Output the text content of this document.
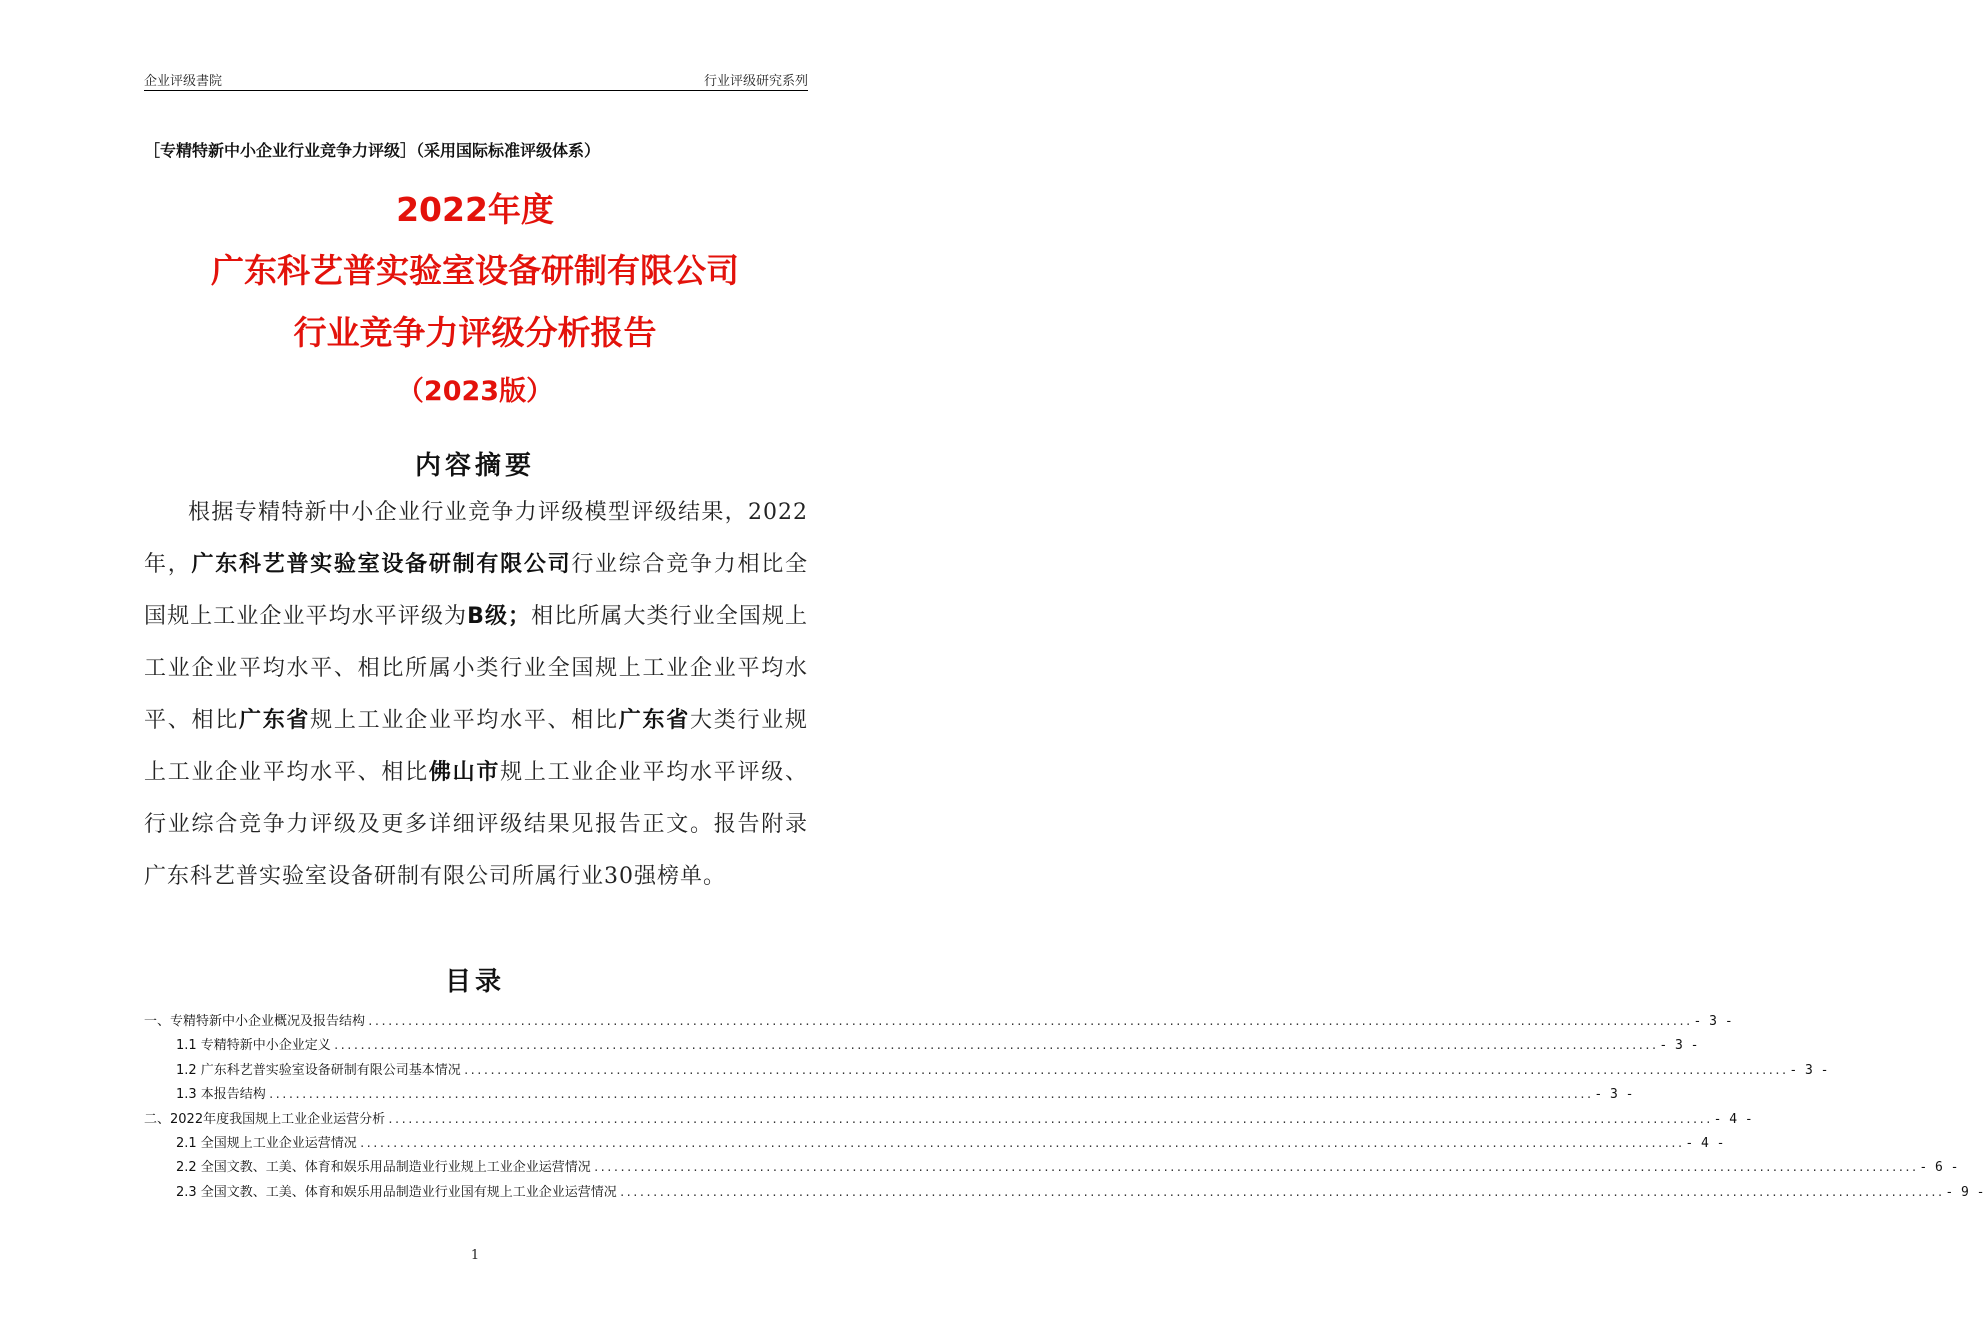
企业评级書院	行业评级研究系列
［专精特新中小企业行业竞争力评级］（采用国际标准评级体系）
2022年度
广东科艺普实验室设备研制有限公司
行业竞争力评级分析报告
（2023版）
内容摘要
根据专精特新中小企业行业竞争力评级模型评级结果，2022年，广东科艺普实验室设备研制有限公司行业综合竞争力相比全国规上工业企业平均水平评级为B级；相比所属大类行业全国规上工业企业平均水平、相比所属小类行业全国规上工业企业平均水平、相比广东省规上工业企业平均水平、相比广东省大类行业规上工业企业平均水平、相比佛山市规上工业企业平均水平评级、行业综合竞争力评级及更多详细评级结果见报告正文。报告附录广东科艺普实验室设备研制有限公司所属行业30强榜单。
目录
一、专精特新中小企业概况及报告结构 ........................................................................................................................................................................................................ - 3 -
1.1 专精特新中小企业定义 ........................................................................................................................................................................................................ - 3 -
1.2 广东科艺普实验室设备研制有限公司基本情况 ........................................................................................................................................................................................................ - 3 -
1.3 本报告结构 ........................................................................................................................................................................................................ - 3 -
二、2022年度我国规上工业企业运营分析 ........................................................................................................................................................................................................ - 4 -
2.1 全国规上工业企业运营情况 ........................................................................................................................................................................................................ - 4 -
2.2 全国文教、工美、体育和娱乐用品制造业行业规上工业企业运营情况 ........................................................................................................................................................................................................ - 6 -
2.3 全国文教、工美、体育和娱乐用品制造业行业国有规上工业企业运营情况 ........................................................................................................................................................................................................ - 9 -
1
